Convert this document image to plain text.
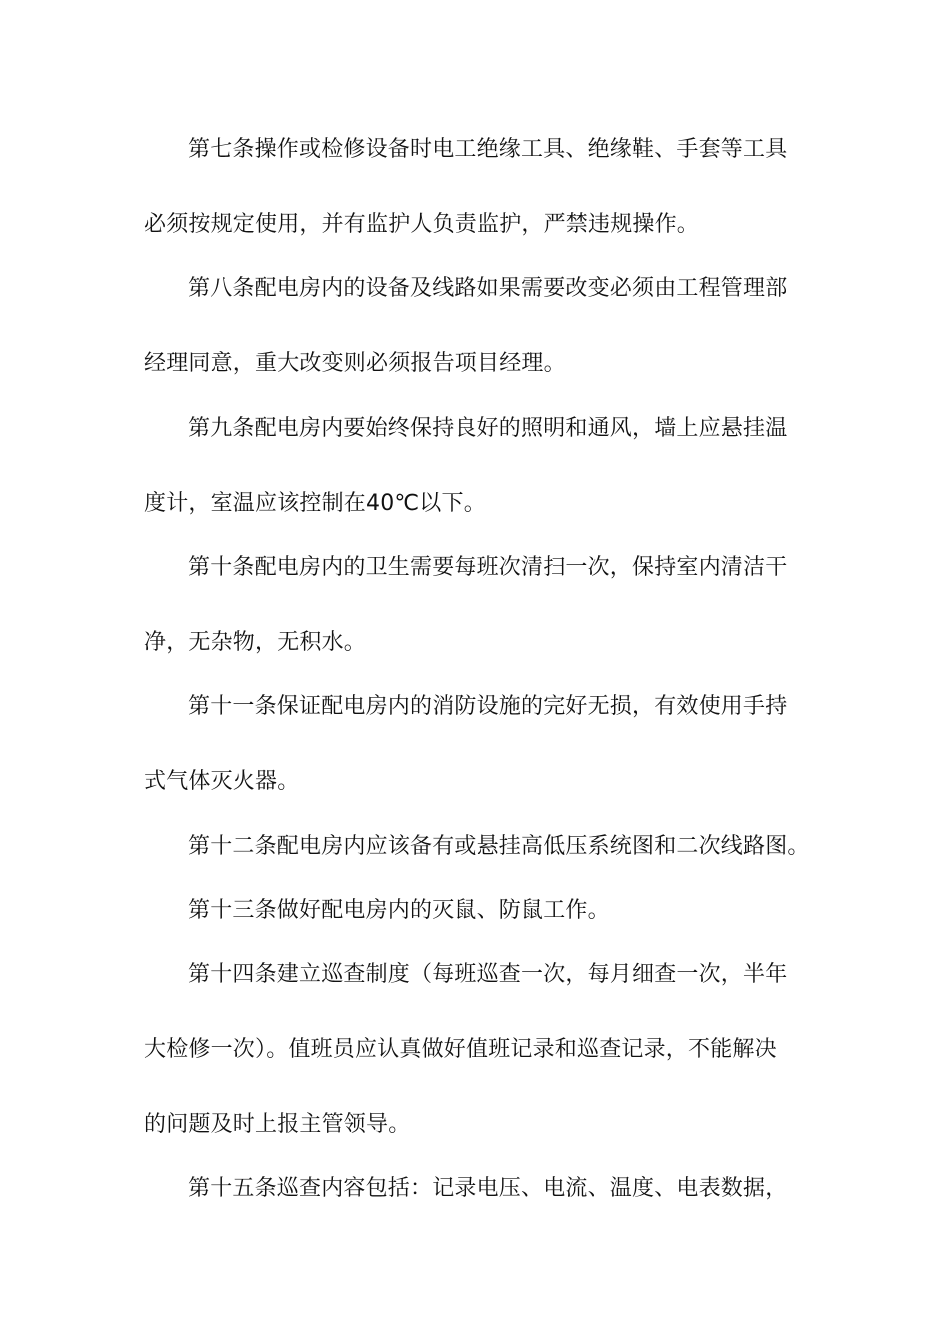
第七条操作或检修设备时电工绝缘工具、绝缘鞋、手套等工具
必须按规定使用，并有监护人负责监护，严禁违规操作。
第八条配电房内的设备及线路如果需要改变必须由工程管理部
经理同意，重大改变则必须报告项目经理。
第九条配电房内要始终保持良好的照明和通风，墙上应悬挂温
度计，室温应该控制在40℃以下。
第十条配电房内的卫生需要每班次清扫一次，保持室内清洁干
净，无杂物，无积水。
第十一条保证配电房内的消防设施的完好无损，有效使用手持
式气体灭火器。
第十二条配电房内应该备有或悬挂高低压系统图和二次线路图。
第十三条做好配电房内的灭鼠、防鼠工作。
第十四条建立巡查制度（每班巡查一次，每月细查一次，半年
大检修一次）。值班员应认真做好值班记录和巡查记录，不能解决
的问题及时上报主管领导。
第十五条巡查内容包括：记录电压、电流、温度、电表数据，
